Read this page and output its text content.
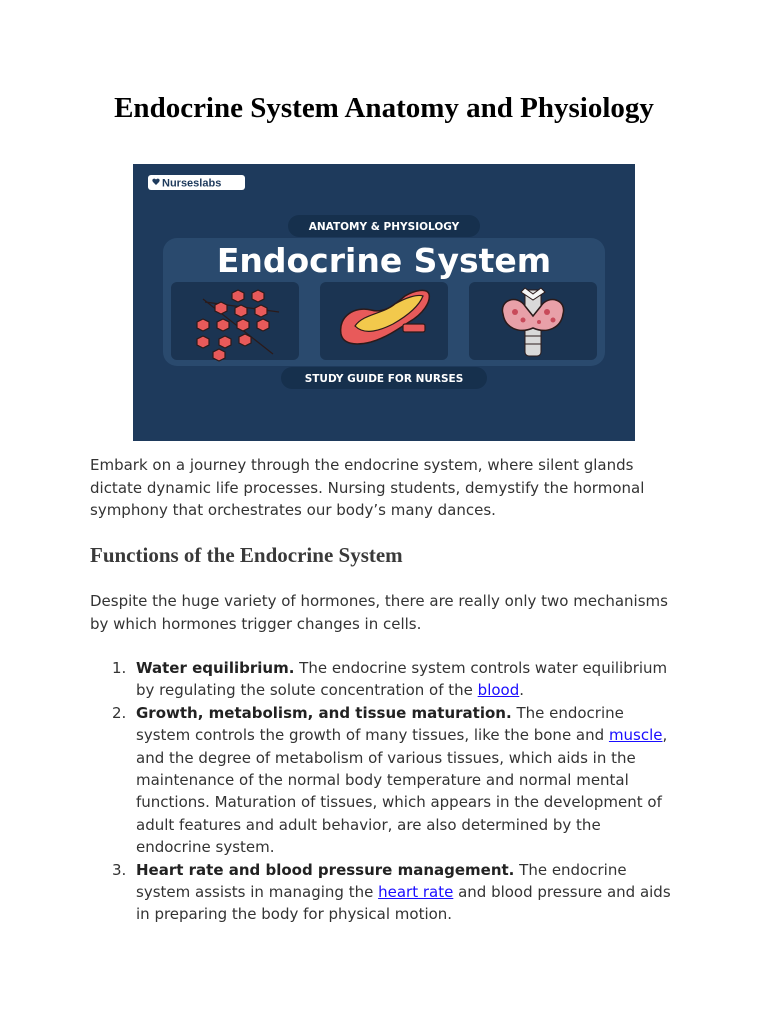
Endocrine System Anatomy and Physiology
Nurseslabs
ANATOMY & PHYSIOLOGY
Endocrine System
STUDY GUIDE FOR NURSES

Embark on a journey through the endocrine system, where silent glands dictate dynamic life processes. Nursing students, demystify the hormonal symphony that orchestrates our body’s many dances.

Functions of the Endocrine System

Despite the huge variety of hormones, there are really only two mechanisms by which hormones trigger changes in cells.

1. Water equilibrium. The endocrine system controls water equilibrium by regulating the solute concentration of the blood.
2. Growth, metabolism, and tissue maturation. The endocrine system controls the growth of many tissues, like the bone and muscle, and the degree of metabolism of various tissues, which aids in the maintenance of the normal body temperature and normal mental functions. Maturation of tissues, which appears in the development of adult features and adult behavior, are also determined by the endocrine system.
3. Heart rate and blood pressure management. The endocrine system assists in managing the heart rate and blood pressure and aids in preparing the body for physical motion.
